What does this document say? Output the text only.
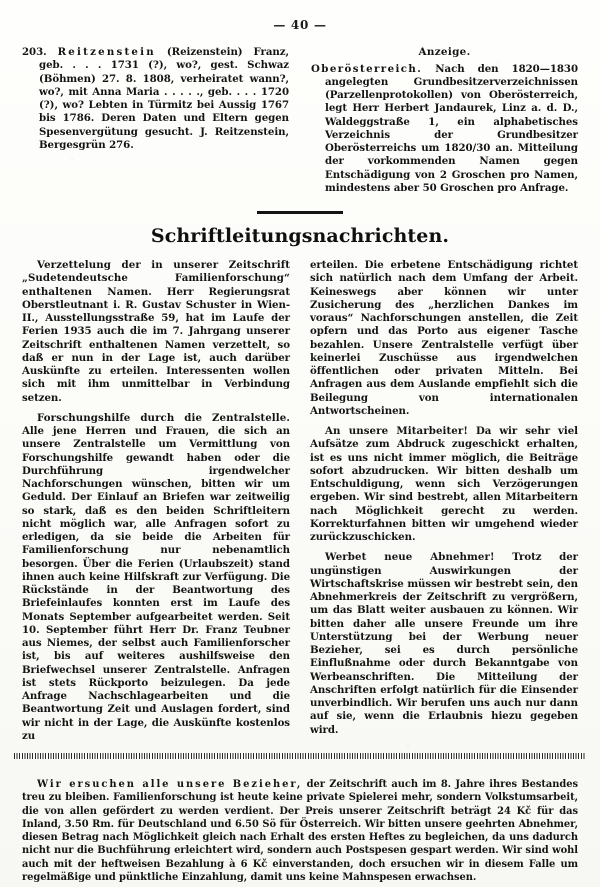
— 40 —
203. Reitzenstein (Reizenstein) Franz, geb. . . . 1731 (?), wo?, gest. Schwaz (Böhmen) 27. 8. 1808, verheiratet wann?, wo?, mit Anna Maria . . . . ., geb. . . . 1720 (?), wo? Lebten in Türmitz bei Aussig 1767 bis 1786. Deren Daten und Eltern gegen Spesenvergütung gesucht. J. Reitzenstein, Bergesgrün 276.
Anzeige.
Oberösterreich. Nach den 1820—1830 angelegten Grundbesitzerverzeichnissen (Parzellenprotokollen) von Oberösterreich, legt Herr Herbert Jandaurek, Linz a. d. D., Waldeggstraße 1, ein alphabetisches Verzeichnis der Grundbesitzer Oberösterreichs um 1820/30 an. Mitteilung der vorkommenden Namen gegen Entschädigung von 2 Groschen pro Namen, mindestens aber 50 Groschen pro Anfrage.
Schriftleitungsnachrichten.

Verzettelung der in unserer Zeitschrift „Sudetendeutsche Familienforschung“ enthaltenen Namen. Herr Regierungsrat Oberstleutnant i. R. Gustav Schuster in Wien-II., Ausstellungsstraße 59, hat im Laufe der Ferien 1935 auch die im 7. Jahrgang unserer Zeitschrift enthaltenen Namen verzettelt, so daß er nun in der Lage ist, auch darüber Auskünfte zu erteilen. Interessenten wollen sich mit ihm unmittelbar in Verbindung setzen.

Forschungshilfe durch die Zentralstelle. Alle jene Herren und Frauen, die sich an unsere Zentralstelle um Vermittlung von Forschungshilfe gewandt haben oder die Durchführung irgendwelcher Nachforschungen wünschen, bitten wir um Geduld. Der Einlauf an Briefen war zeitweilig so stark, daß es den beiden Schriftleitern nicht möglich war, alle Anfragen sofort zu erledigen, da sie beide die Arbeiten für Familienforschung nur nebenamtlich besorgen. Über die Ferien (Urlaubszeit) stand ihnen auch keine Hilfskraft zur Verfügung. Die Rückstände in der Beantwortung des Briefeinlaufes konnten erst im Laufe des Monats September aufgearbeitet werden. Seit 10. September führt Herr Dr. Franz Teubner aus Niemes, der selbst auch Familienforscher ist, bis auf weiteres aushilfsweise den Briefwechsel unserer Zentralstelle. Anfragen ist stets Rückporto beizulegen. Da jede Anfrage Nachschlagearbeiten und die Beantwortung Zeit und Auslagen fordert, sind wir nicht in der Lage, die Auskünfte kostenlos zu

erteilen. Die erbetene Entschädigung richtet sich natürlich nach dem Umfang der Arbeit. Keineswegs aber können wir unter Zusicherung des „herzlichen Dankes im voraus“ Nachforschungen anstellen, die Zeit opfern und das Porto aus eigener Tasche bezahlen. Unsere Zentralstelle verfügt über keinerlei Zuschüsse aus irgendwelchen öffentlichen oder privaten Mitteln. Bei Anfragen aus dem Auslande empfiehlt sich die Beilegung von internationalen Antwortscheinen.

An unsere Mitarbeiter! Da wir sehr viel Aufsätze zum Abdruck zugeschickt erhalten, ist es uns nicht immer möglich, die Beiträge sofort abzudrucken. Wir bitten deshalb um Entschuldigung, wenn sich Verzögerungen ergeben. Wir sind bestrebt, allen Mitarbeitern nach Möglichkeit gerecht zu werden. Korrekturfahnen bitten wir umgehend wieder zurückzuschicken.

Werbet neue Abnehmer! Trotz der ungünstigen Auswirkungen der Wirtschaftskrise müssen wir bestrebt sein, den Abnehmerkreis der Zeitschrift zu vergrößern, um das Blatt weiter ausbauen zu können. Wir bitten daher alle unsere Freunde um ihre Unterstützung bei der Werbung neuer Bezieher, sei es durch persönliche Einflußnahme oder durch Bekanntgabe von Werbeanschriften. Die Mitteilung der Anschriften erfolgt natürlich für die Einsender unverbindlich. Wir berufen uns auch nur dann auf sie, wenn die Erlaubnis hiezu gegeben wird.

Wir ersuchen alle unsere Bezieher, der Zeitschrift auch im 8. Jahre ihres Bestandes treu zu bleiben. Familienforschung ist heute keine private Spielerei mehr, sondern Volkstumsarbeit, die von allen gefördert zu werden verdient. Der Preis unserer Zeitschrift beträgt 24 Kč für das Inland, 3.50 Rm. für Deutschland und 6.50 Sö für Österreich. Wir bitten unsere geehrten Abnehmer, diesen Betrag nach Möglichkeit gleich nach Erhalt des ersten Heftes zu begleichen, da uns dadurch nicht nur die Buchführung erleichtert wird, sondern auch Postspesen gespart werden. Wir sind wohl auch mit der heftweisen Bezahlung à 6 Kč einverstanden, doch ersuchen wir in diesem Falle um regelmäßige und pünktliche Einzahlung, damit uns keine Mahnspesen erwachsen.
